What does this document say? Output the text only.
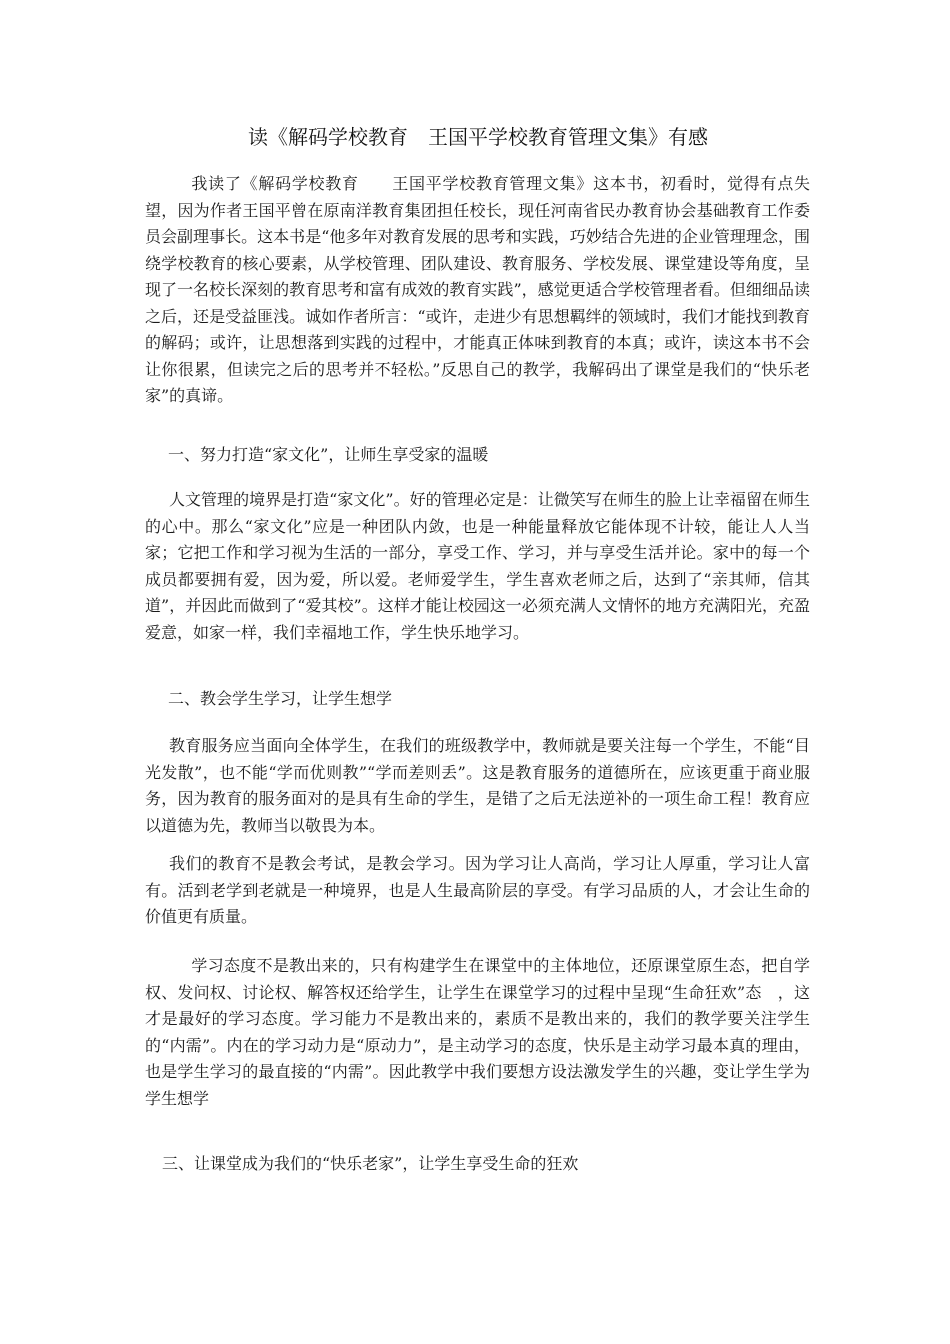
读《解码学校教育　王国平学校教育管理文集》有感

我读了《解码学校教育　　王国平学校教育管理文集》这本书，初看时，觉得有点失望，因为作者王国平曾在原南洋教育集团担任校长，现任河南省民办教育协会基础教育工作委员会副理事长。这本书是“他多年对教育发展的思考和实践，巧妙结合先进的企业管理理念，围绕学校教育的核心要素，从学校管理、团队建设、教育服务、学校发展、课堂建设等角度，呈现了一名校长深刻的教育思考和富有成效的教育实践”，感觉更适合学校管理者看。但细细品读之后，还是受益匪浅。诚如作者所言：“或许，走进少有思想羁绊的领域时，我们才能找到教育的解码；或许，让思想落到实践的过程中，才能真正体味到教育的本真；或许，读这本书不会让你很累，但读完之后的思考并不轻松。”反思自己的教学，我解码出了课堂是我们的“快乐老家”的真谛。

一、努力打造“家文化”，让师生享受家的温暖

人文管理的境界是打造“家文化”。好的管理必定是：让微笑写在师生的脸上让幸福留在师生的心中。那么“家文化”应是一种团队内敛，也是一种能量释放它能体现不计较，能让人人当家；它把工作和学习视为生活的一部分，享受工作、学习，并与享受生活并论。家中的每一个成员都要拥有爱，因为爱，所以爱。老师爱学生，学生喜欢老师之后，达到了“亲其师，信其道”，并因此而做到了“爱其校”。这样才能让校园这一必须充满人文情怀的地方充满阳光，充盈爱意，如家一样，我们幸福地工作，学生快乐地学习。

二、教会学生学习，让学生想学

教育服务应当面向全体学生，在我们的班级教学中，教师就是要关注每一个学生，不能“目光发散”，也不能“学而优则教”“学而差则丢”。这是教育服务的道德所在，应该更重于商业服务，因为教育的服务面对的是具有生命的学生，是错了之后无法逆补的一项生命工程！教育应以道德为先，教师当以敬畏为本。

我们的教育不是教会考试，是教会学习。因为学习让人高尚，学习让人厚重，学习让人富有。活到老学到老就是一种境界，也是人生最高阶层的享受。有学习品质的人，才会让生命的价值更有质量。

学习态度不是教出来的，只有构建学生在课堂中的主体地位，还原课堂原生态，把自学权、发问权、讨论权、解答权还给学生，让学生在课堂学习的过程中呈现“生命狂欢”态　，这才是最好的学习态度。学习能力不是教出来的，素质不是教出来的，我们的教学要关注学生的“内需”。内在的学习动力是“原动力”，是主动学习的态度，快乐是主动学习最本真的理由，也是学生学习的最直接的“内需”。因此教学中我们要想方设法激发学生的兴趣，变让学生学为学生想学

三、让课堂成为我们的“快乐老家”，让学生享受生命的狂欢
